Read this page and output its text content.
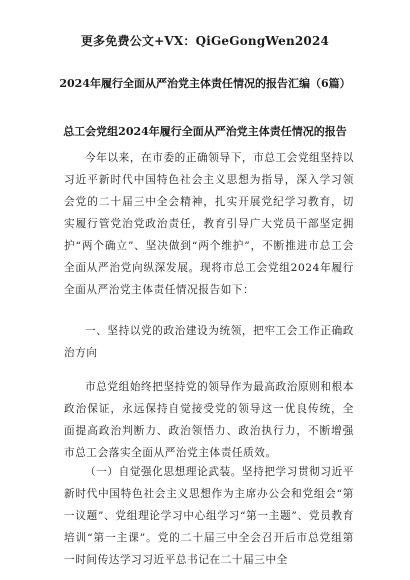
更多免费公文+VX：QiGeGongWen2024
2024年履行全面从严治党主体责任情况的报告汇编（6篇）
总工会党组2024年履行全面从严治党主体责任情况的报告

今年以来，在市委的正确领导下，市总工会党组坚持以习近平新时代中国特色社会主义思想为指导，深入学习领会党的二十届三中全会精神，扎实开展党纪学习教育，切实履行管党治党政治责任，教育引导广大党员干部坚定拥护“两个确立”、坚决做到“两个维护”，不断推进市总工会全面从严治党向纵深发展。现将市总工会党组2024年履行全面从严治党主体责任情况报告如下：

一、坚持以党的政治建设为统领，把牢工会工作正确政治方向

市总党组始终把坚持党的领导作为最高政治原则和根本政治保证，永远保持自觉接受党的领导这一优良传统，全面提高政治判断力、政治领悟力、政治执行力，不断增强市总工会落实全面从严治党主体责任质效。

（一）自觉强化思想理论武装。坚持把学习贯彻习近平新时代中国特色社会主义思想作为主席办公会和党组会“第一议题”、党组理论学习中心组学习“第一主题”、党员教育培训“第一主课”。党的二十届三中全会召开后市总党组第一时间传达学习习近平总书记在二十届三中全
